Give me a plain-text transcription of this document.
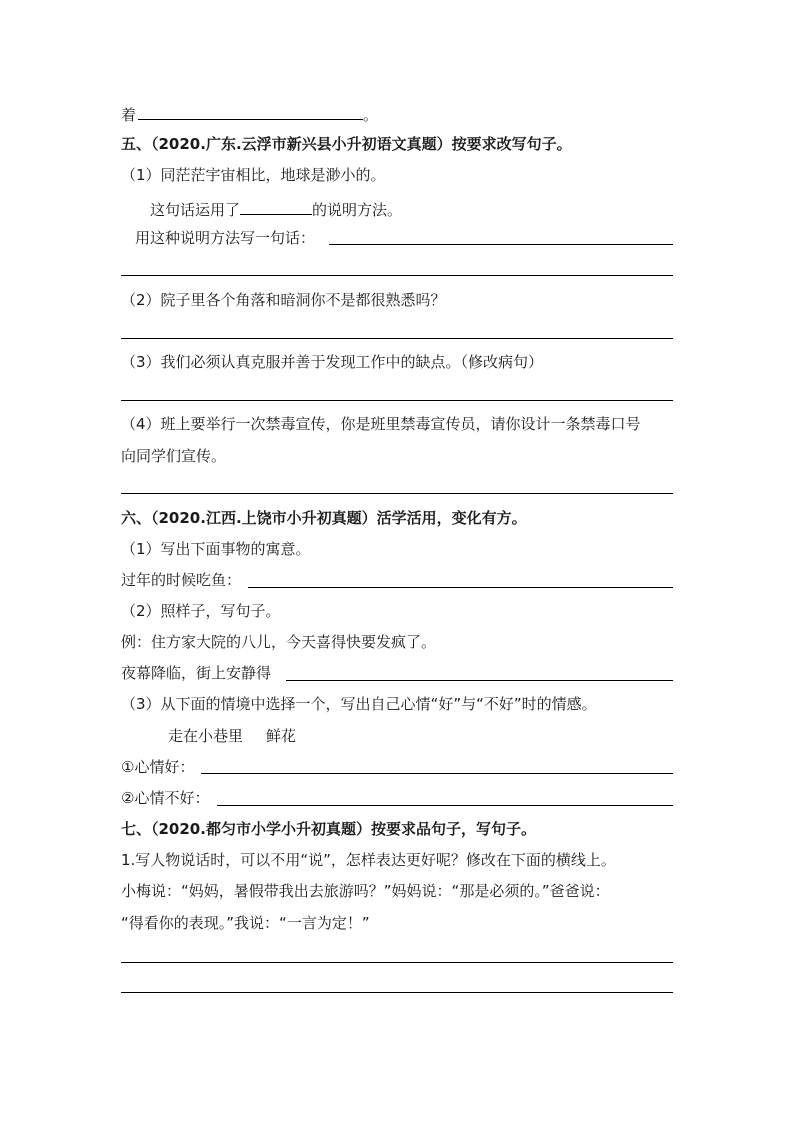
着	。
五、（2020.广东.云浮市新兴县小升初语文真题）按要求改写句子。
（1）同茫茫宇宙相比，地球是渺小的。
这句话运用了	的说明方法。
用这种说明方法写一句话：
（2）院子里各个角落和暗洞你不是都很熟悉吗？
（3）我们必须认真克服并善于发现工作中的缺点。（修改病句）
（4）班上要举行一次禁毒宣传，你是班里禁毒宣传员，请你设计一条禁毒口号
向同学们宣传。
六、（2020.江西.上饶市小升初真题）活学活用，变化有方。
（1）写出下面事物的寓意。
过年的时候吃鱼：
（2）照样子，写句子。
例：住方家大院的八儿，今天喜得快要发疯了。
夜幕降临，街上安静得
（3）从下面的情境中选择一个，写出自己心情“好”与“不好”时的情感。
走在小巷里 鲜花
①心情好：
②心情不好：
七、（2020.都匀市小学小升初真题）按要求品句子，写句子。
1.写人物说话时，可以不用“说”，怎样表达更好呢？修改在下面的横线上。
小梅说：“妈妈，暑假带我出去旅游吗？”妈妈说：“那是必须的。”爸爸说：
“得看你的表现。”我说：“一言为定！”
